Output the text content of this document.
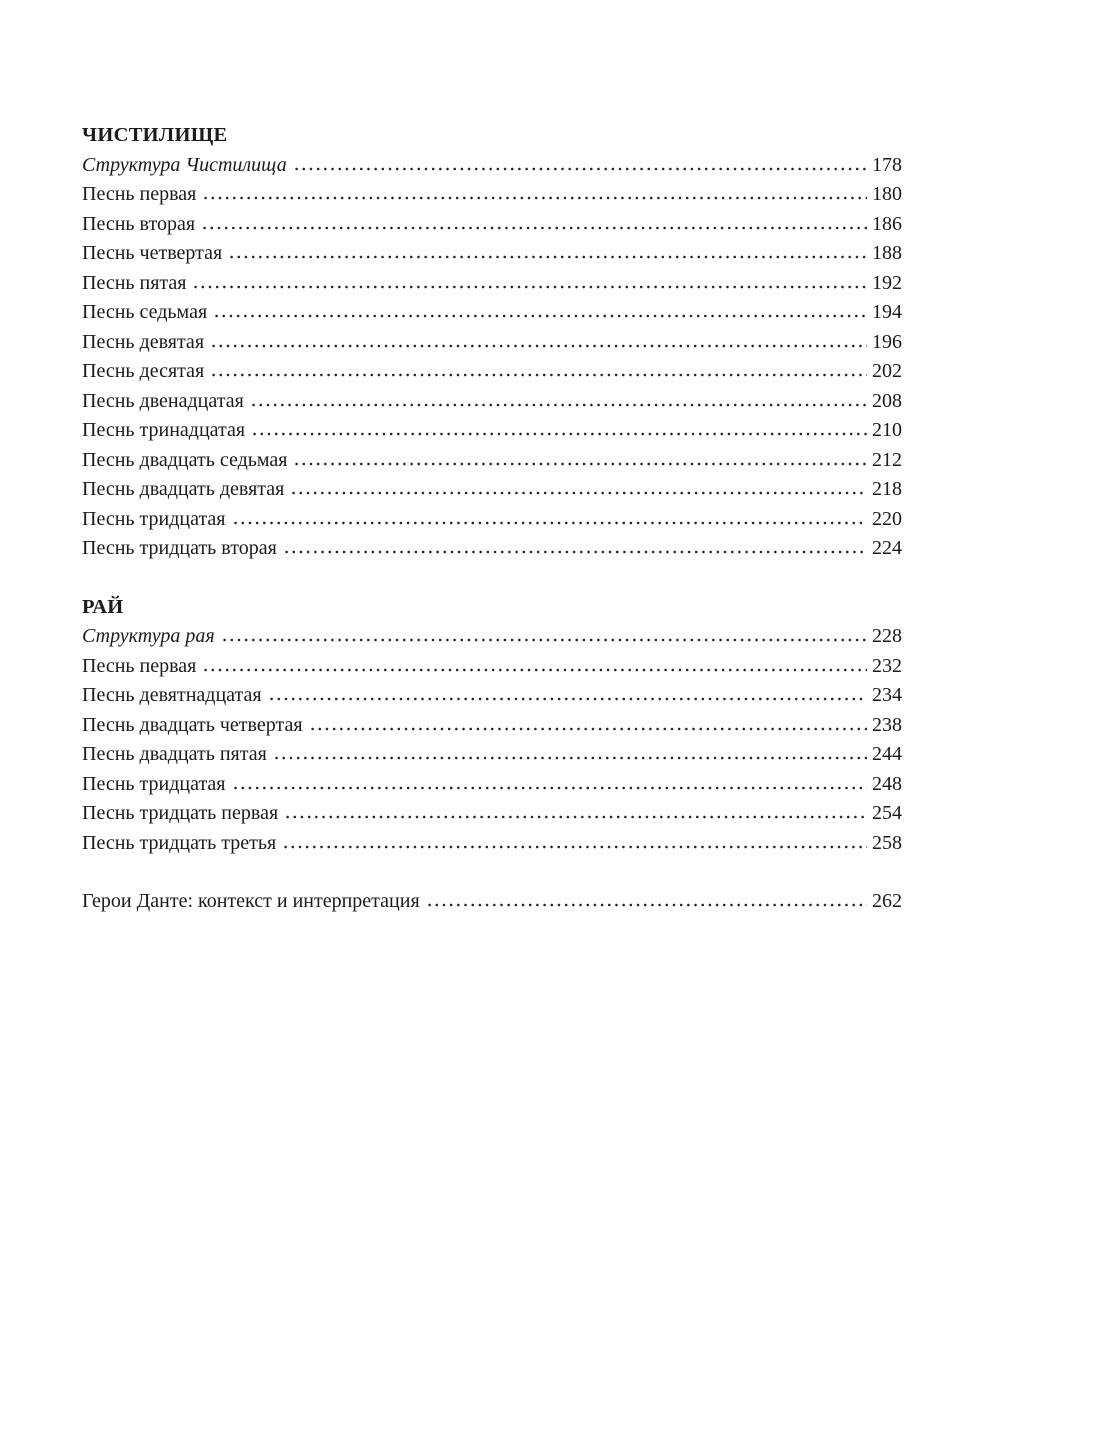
ЧИСТИЛИЩЕ
Структура Чистилища	178
Песнь первая	180
Песнь вторая	186
Песнь четвертая	188
Песнь пятая	192
Песнь седьмая	194
Песнь девятая	196
Песнь десятая	202
Песнь двенадцатая	208
Песнь тринадцатая	210
Песнь двадцать седьмая	212
Песнь двадцать девятая	218
Песнь тридцатая	220
Песнь тридцать вторая	224
РАЙ
Структура рая	228
Песнь первая	232
Песнь девятнадцатая	234
Песнь двадцать четвертая	238
Песнь двадцать пятая	244
Песнь тридцатая	248
Песнь тридцать первая	254
Песнь тридцать третья	258
Герои Данте: контекст и интерпретация	262
